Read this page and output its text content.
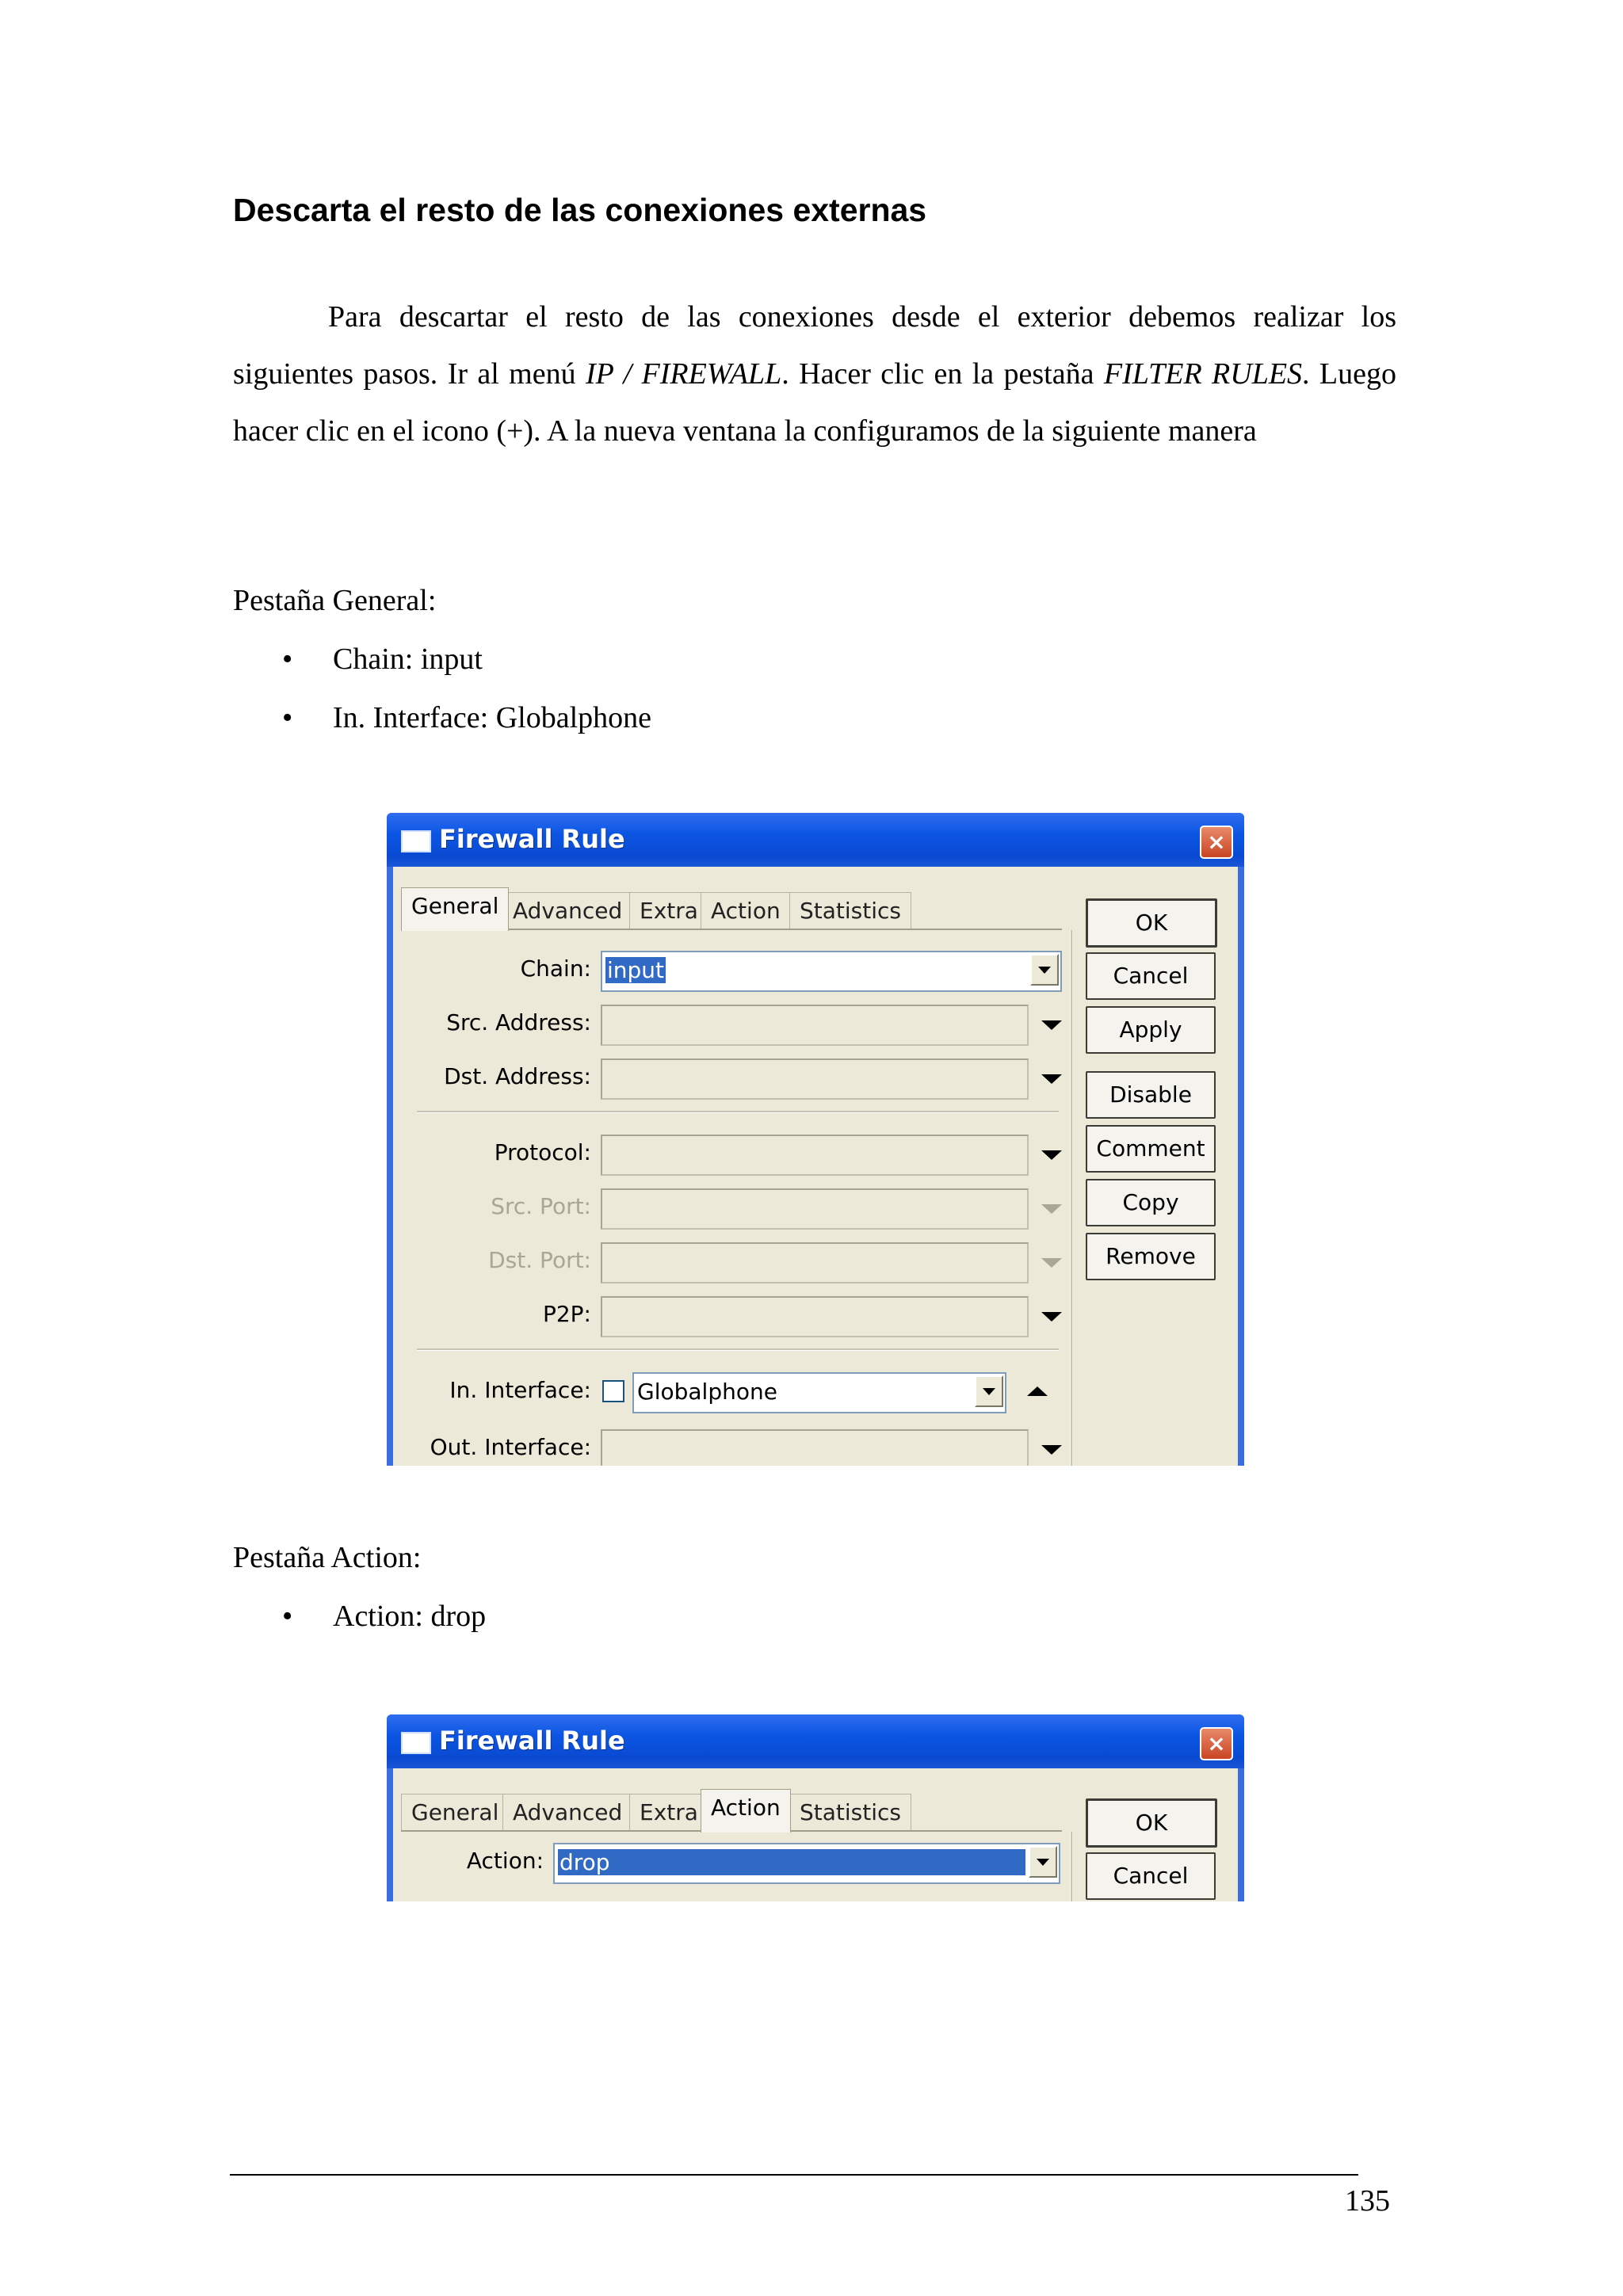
Descarta el resto de las conexiones externas

Para descartar el resto de las conexiones desde el exterior debemos realizar los siguientes pasos. Ir al menú IP / FIREWALL. Hacer clic en la pestaña FILTER RULES. Luego hacer clic en el icono (+). A la nueva ventana la configuramos de la siguiente manera

Pestaña General:
• Chain: input
• In. Interface: Globalphone
Firewall Rule	×
General Advanced Extra Action Statistics
Chain:
Src. Address:
Dst. Address:
Protocol:
Src. Port:
Dst. Port:
P2P:
In. Interface:
Out. Interface:
input
Globalphone
OK
Cancel
Apply
Disable
Comment
Copy
Remove
Pestaña Action:
• Action: drop
Firewall Rule	×
General Advanced Extra Action Statistics
Action: drop
OK
Cancel
135
